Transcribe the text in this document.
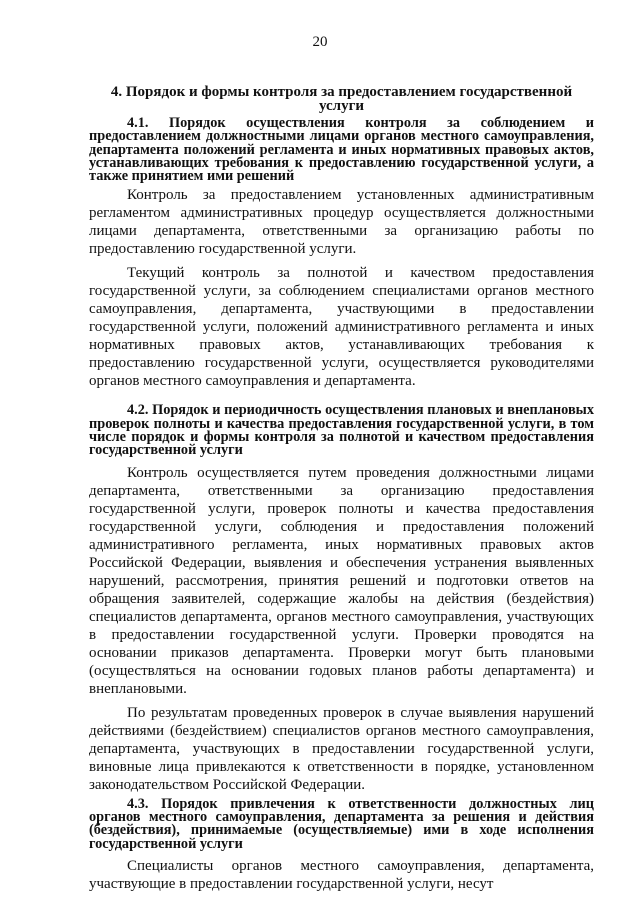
20
4. Порядок и формы контроля за предоставлением государственной услуги
4.1. Порядок осуществления контроля за соблюдением и предоставлением должностными лицами органов местного самоуправления, департамента положений регламента и иных нормативных правовых актов, устанавливающих требования к предоставлению государственной услуги, а также принятием ими решений
Контроль за предоставлением установленных административным регламентом административных процедур осуществляется должностными лицами департамента, ответственными за организацию работы по предоставлению государственной услуги.
Текущий контроль за полнотой и качеством предоставления государственной услуги, за соблюдением специалистами органов местного самоуправления, департамента, участвующими в предоставлении государственной услуги, положений административного регламента и иных нормативных правовых актов, устанавливающих требования к предоставлению государственной услуги, осуществляется руководителями органов местного самоуправления и департамента.
4.2. Порядок и периодичность осуществления плановых и внеплановых проверок полноты и качества предоставления государственной услуги, в том числе порядок и формы контроля за полнотой и качеством предоставления государственной услуги
Контроль осуществляется путем проведения должностными лицами департамента, ответственными за организацию предоставления государственной услуги, проверок полноты и качества предоставления государственной услуги, соблюдения и предоставления положений административного регламента, иных нормативных правовых актов Российской Федерации, выявления и обеспечения устранения выявленных нарушений, рассмотрения, принятия решений и подготовки ответов на обращения заявителей, содержащие жалобы на действия (бездействия) специалистов департамента, органов местного самоуправления, участвующих в предоставлении государственной услуги. Проверки проводятся на основании приказов департамента. Проверки могут быть плановыми (осуществляться на основании годовых планов работы департамента) и внеплановыми.
По результатам проведенных проверок в случае выявления нарушений действиями (бездействием) специалистов органов местного самоуправления, департамента, участвующих в предоставлении государственной услуги, виновные лица привлекаются к ответственности в порядке, установленном законодательством Российской Федерации.
4.3. Порядок привлечения к ответственности должностных лиц органов местного самоуправления, департамента за решения и действия (бездействия), принимаемые (осуществляемые) ими в ходе исполнения государственной услуги
Специалисты органов местного самоуправления, департамента, участвующие в предоставлении государственной услуги, несут
